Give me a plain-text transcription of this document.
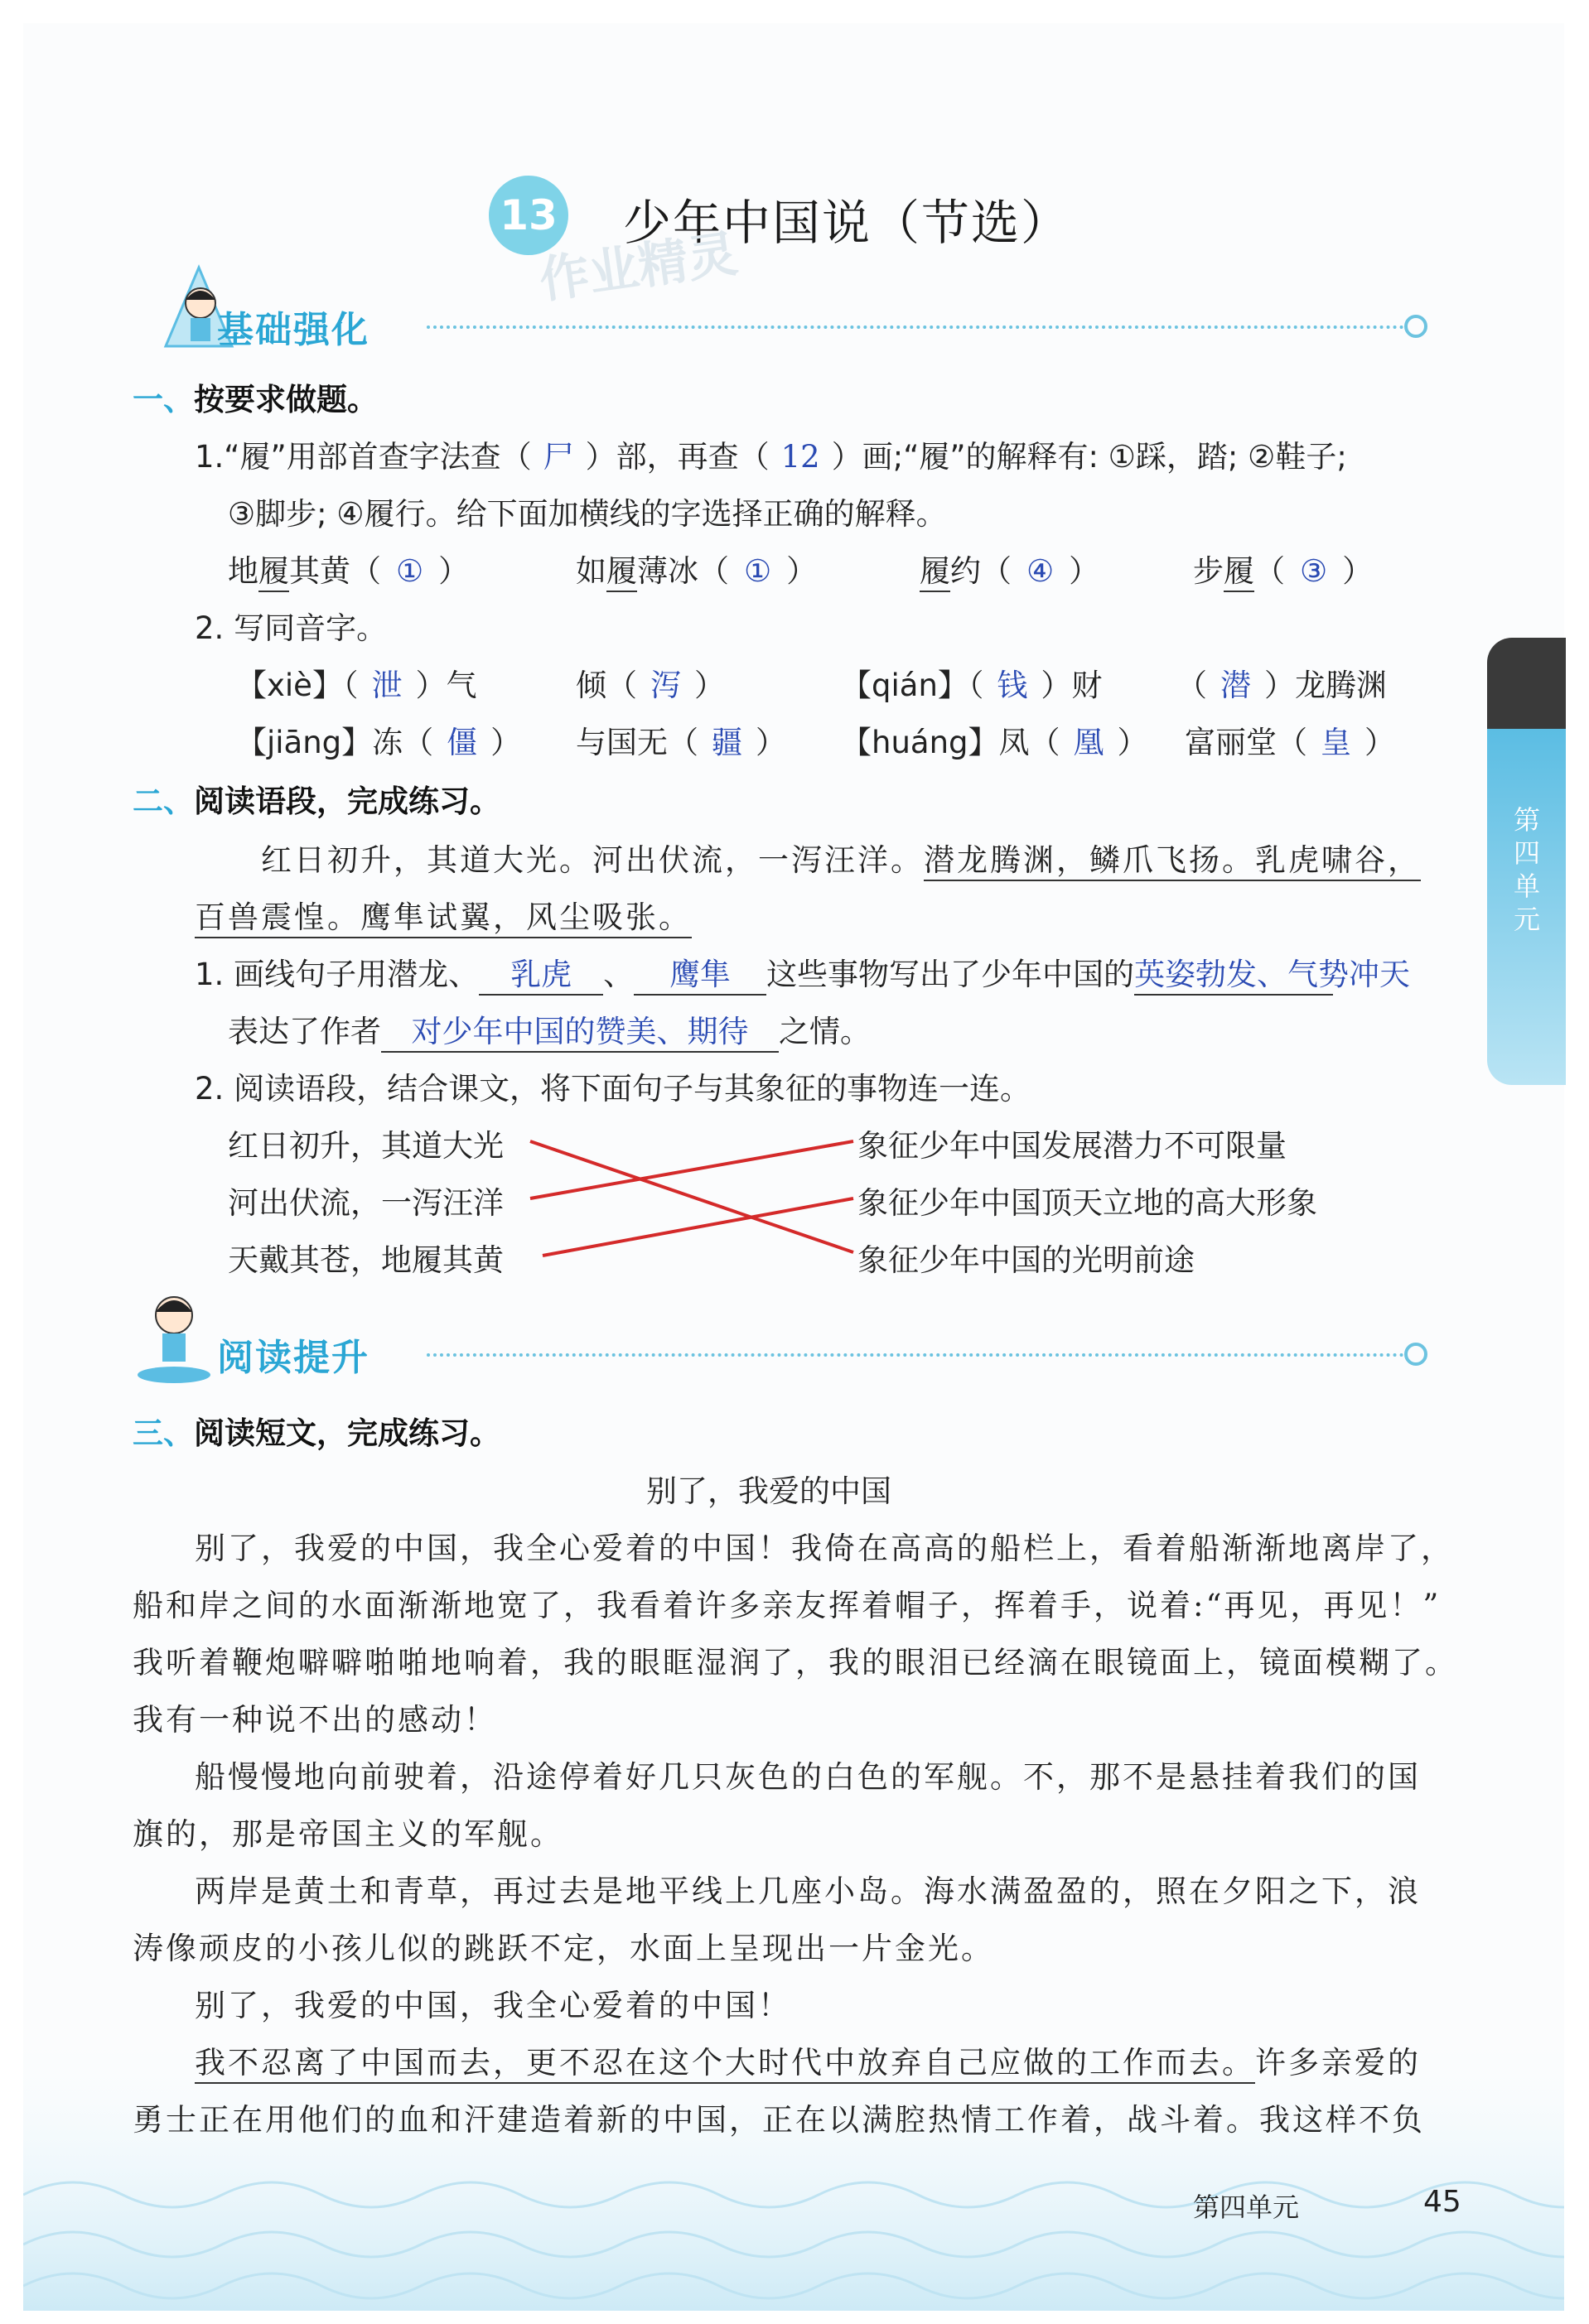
13 少年中国说（节选）
作业精灵
基础强化
一、按要求做题。
1.“履”用部首查字法查（ 尸 ）部，再查（ 12 ）画;“履”的解释有: ①踩，踏; ②鞋子;
③脚步; ④履行。给下面加横线的字选择正确的解释。
地履其黄（ ① ）	如履薄冰（ ① ）	履约（ ④ ）	步履（ ③ ）
2. 写同音字。
【xiè】（ 泄 ）气	倾（ 泻 ）	【qián】（ 钱 ）财 （ 潜 ）龙腾渊
【jiāng】冻（ 僵 ） 与国无（ 疆 ） 【huáng】凤（ 凰 ） 富丽堂（ 皇 ）
二、阅读语段，完成练习。
红日初升，其道大光。河出伏流，一泻汪洋。潜龙腾渊，鳞爪飞扬。乳虎啸谷，
百兽震惶。鹰隼试翼，风尘吸张。
1. 画线句子用潜龙、 乳虎 、 鹰隼 这些事物写出了少年中国的英姿勃发、气势冲天
表达了作者 对少年中国的赞美、期待 之情。
2. 阅读语段，结合课文，将下面句子与其象征的事物连一连。
红日初升，其道大光
河出伏流，一泻汪洋
天戴其苍，地履其黄
象征少年中国发展潜力不可限量
象征少年中国顶天立地的高大形象
象征少年中国的光明前途
第四单元
阅读提升
三、阅读短文，完成练习。
别了，我爱的中国
别了，我爱的中国，我全心爱着的中国！我倚在高高的船栏上，看着船渐渐地离岸了，
船和岸之间的水面渐渐地宽了，我看着许多亲友挥着帽子，挥着手，说着:“再见，再见！”
我听着鞭炮噼噼啪啪地响着，我的眼眶湿润了，我的眼泪已经滴在眼镜面上，镜面模糊了。
我有一种说不出的感动！
船慢慢地向前驶着，沿途停着好几只灰色的白色的军舰。不，那不是悬挂着我们的国
旗的，那是帝国主义的军舰。
两岸是黄土和青草，再过去是地平线上几座小岛。海水满盈盈的，照在夕阳之下，浪
涛像顽皮的小孩儿似的跳跃不定，水面上呈现出一片金光。
别了，我爱的中国，我全心爱着的中国！
我不忍离了中国而去，更不忍在这个大时代中放弃自己应做的工作而去。许多亲爱的
勇士正在用他们的血和汗建造着新的中国，正在以满腔热情工作着，战斗着。我这样不负
第四单元	45
